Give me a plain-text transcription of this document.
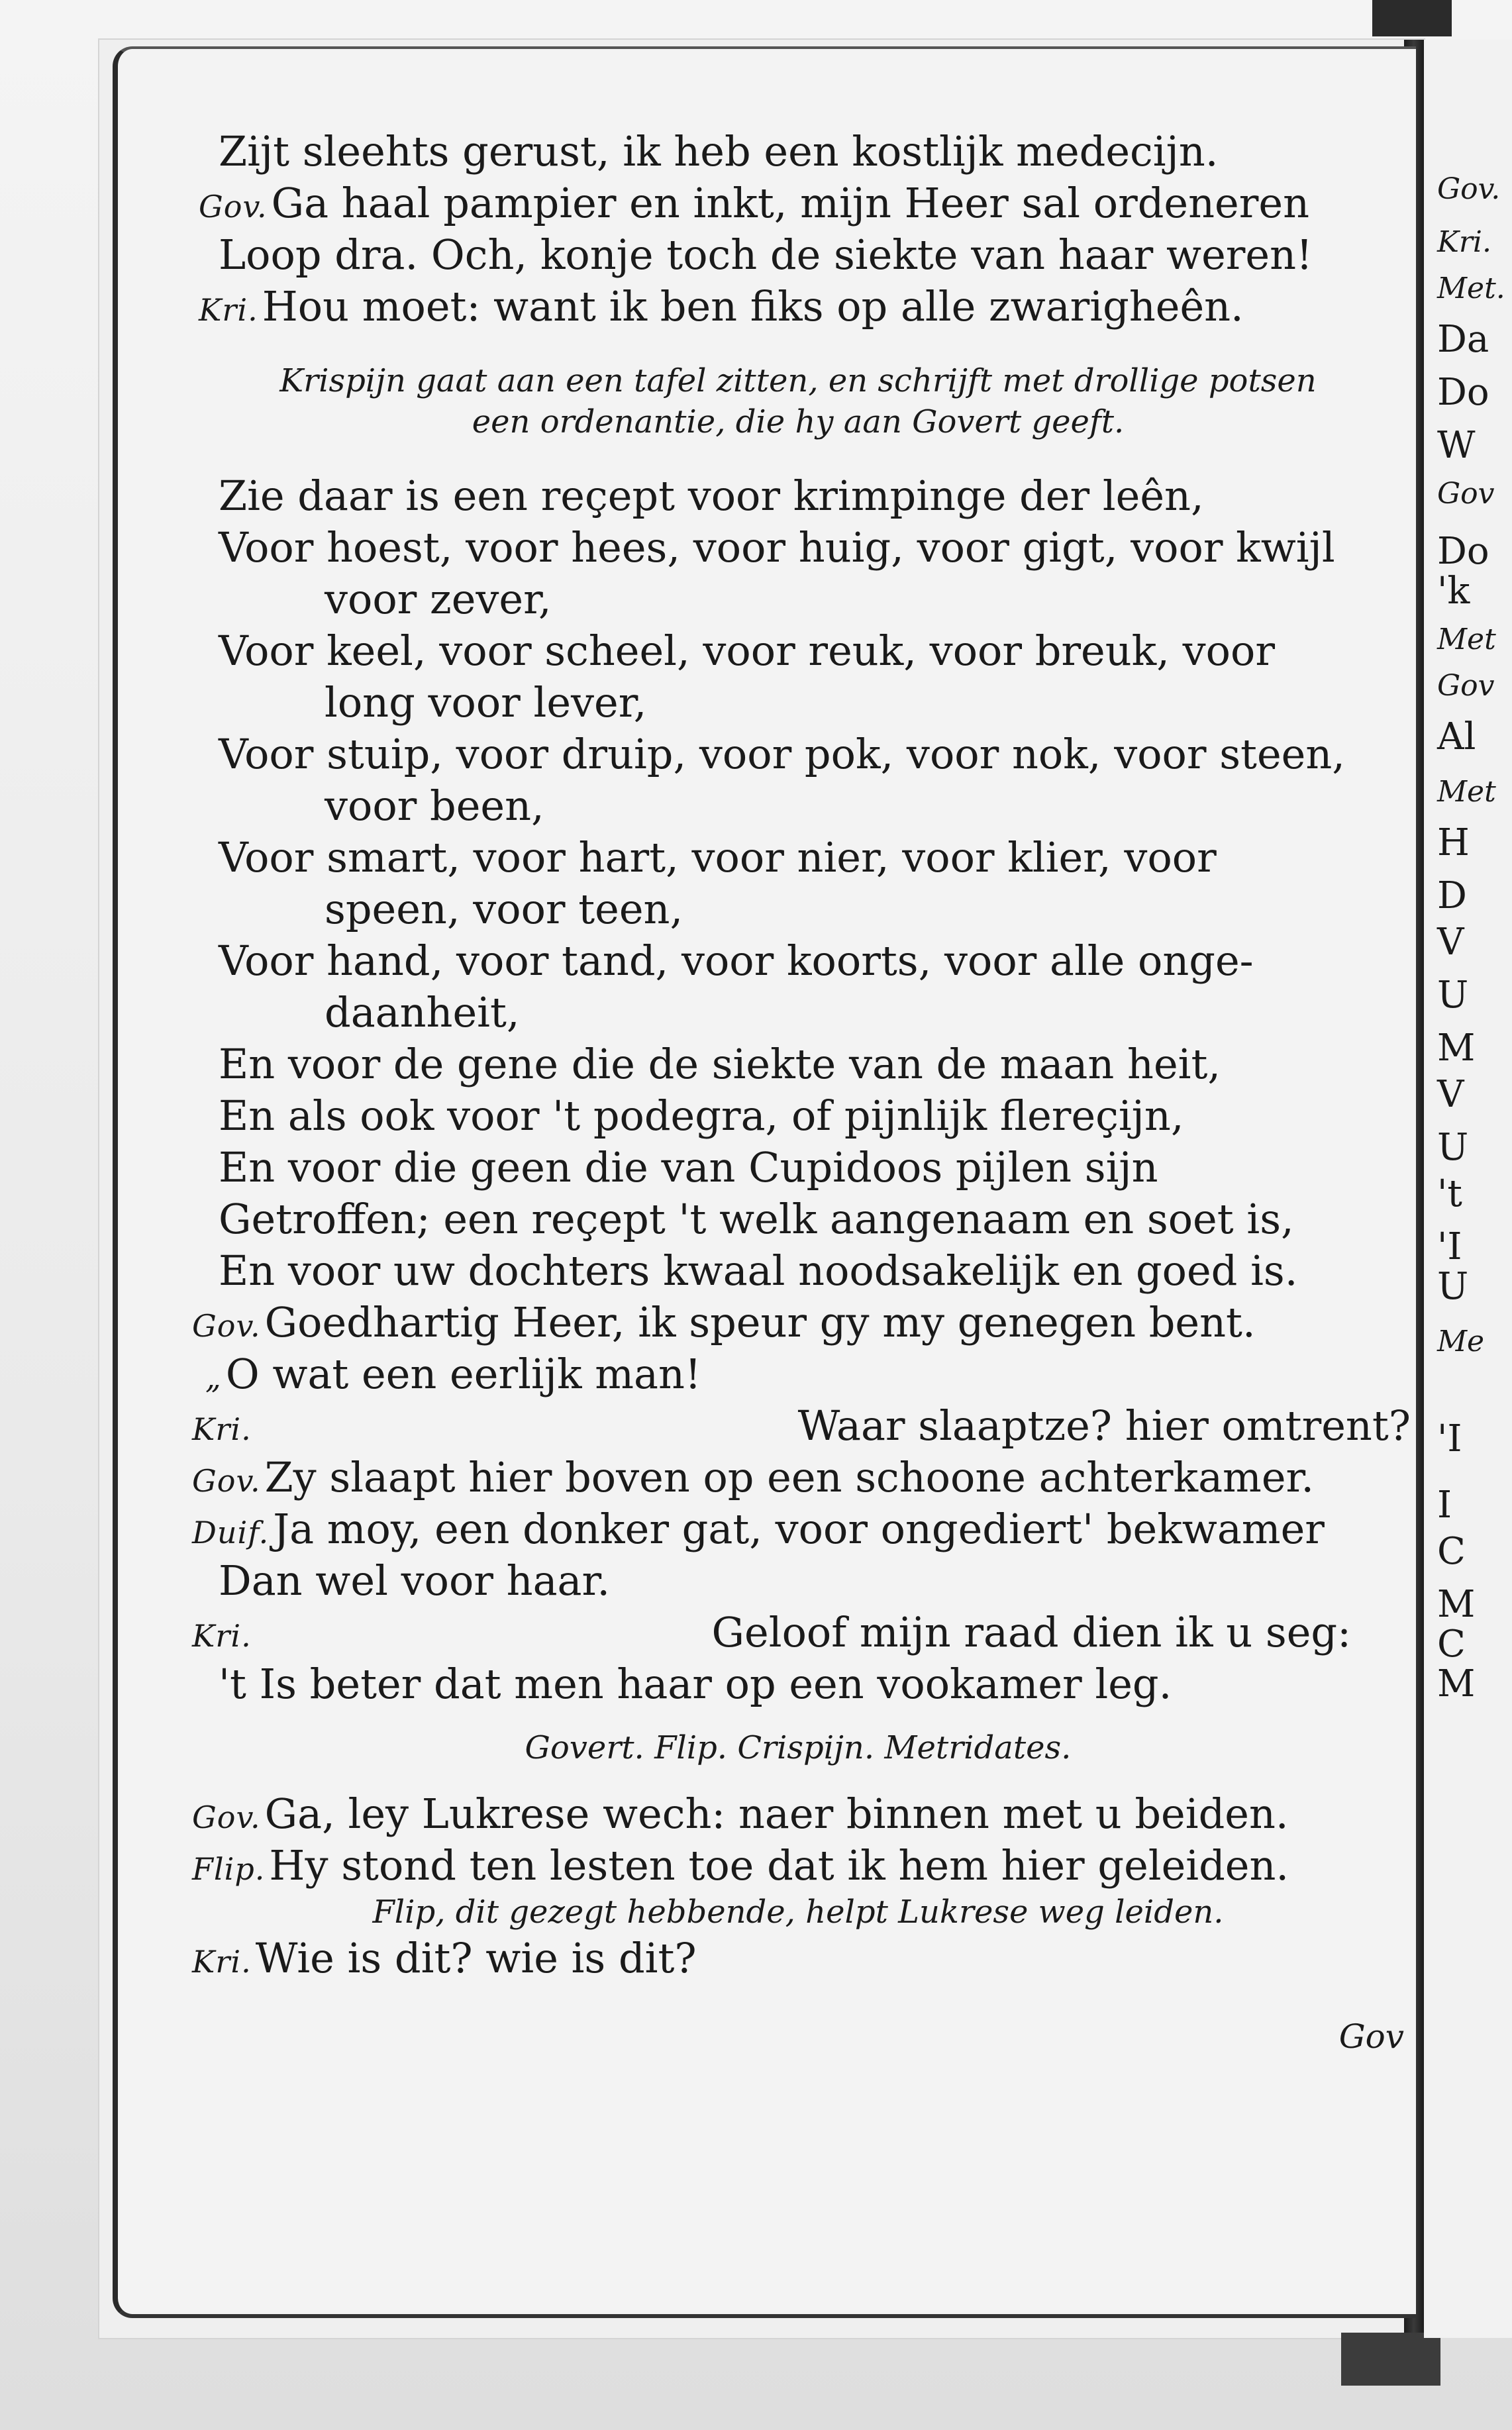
Gov.
Kri.
Met.
Da
Do
W
Gov
Do
'k
Met
Gov
Al
Met
H
D
V
U
M
V
U
't
'I
U
Me
'I
I
C
M
C
M
Zijt sleehts gerust, ik heb een kostlijk medecijn.
Gov.Ga haal pampier en inkt, mijn Heer sal ordeneren
Loop dra. Och, konje toch de siekte van haar weren!
Kri.Hou moet: want ik ben fiks op alle zwarigheên.
Krispijn gaat aan een tafel zitten, en schrijft met drollige potsen
een ordenantie, die hy aan Govert geeft.
Zie daar is een reçept voor krimpinge der leên,
Voor hoest, voor hees, voor huig, voor gigt, voor kwijl
voor zever,
Voor keel, voor scheel, voor reuk, voor breuk, voor
long voor lever,
Voor stuip, voor druip, voor pok, voor nok, voor steen,
voor been,
Voor smart, voor hart, voor nier, voor klier, voor
speen, voor teen,
Voor hand, voor tand, voor koorts, voor alle onge-
daanheit,
En voor de gene die de siekte van de maan heit,
En als ook voor 't podegra, of pijnlijk flereçijn,
En voor die geen die van Cupidoos pijlen sijn
Getroffen; een reçept 't welk aangenaam en soet is,
En voor uw dochters kwaal noodsakelijk en goed is.
Gov.Goedhartig Heer, ik speur gy my genegen bent.
„O wat een eerlijk man!
Kri.	Waar slaaptze? hier omtrent?
Gov.Zy slaapt hier boven op een schoone achterkamer.
Duif.Ja moy, een donker gat, voor ongediert' bekwamer
Dan wel voor haar.
Kri.	Geloof mijn raad dien ik u seg:
't Is beter dat men haar op een vookamer leg.
Govert. Flip. Crispijn. Metridates.
Gov.Ga, ley Lukrese wech: naer binnen met u beiden.
Flip.Hy stond ten lesten toe dat ik hem hier geleiden.
Flip, dit gezegt hebbende, helpt Lukrese weg leiden.
Kri.Wie is dit? wie is dit?
Gov
